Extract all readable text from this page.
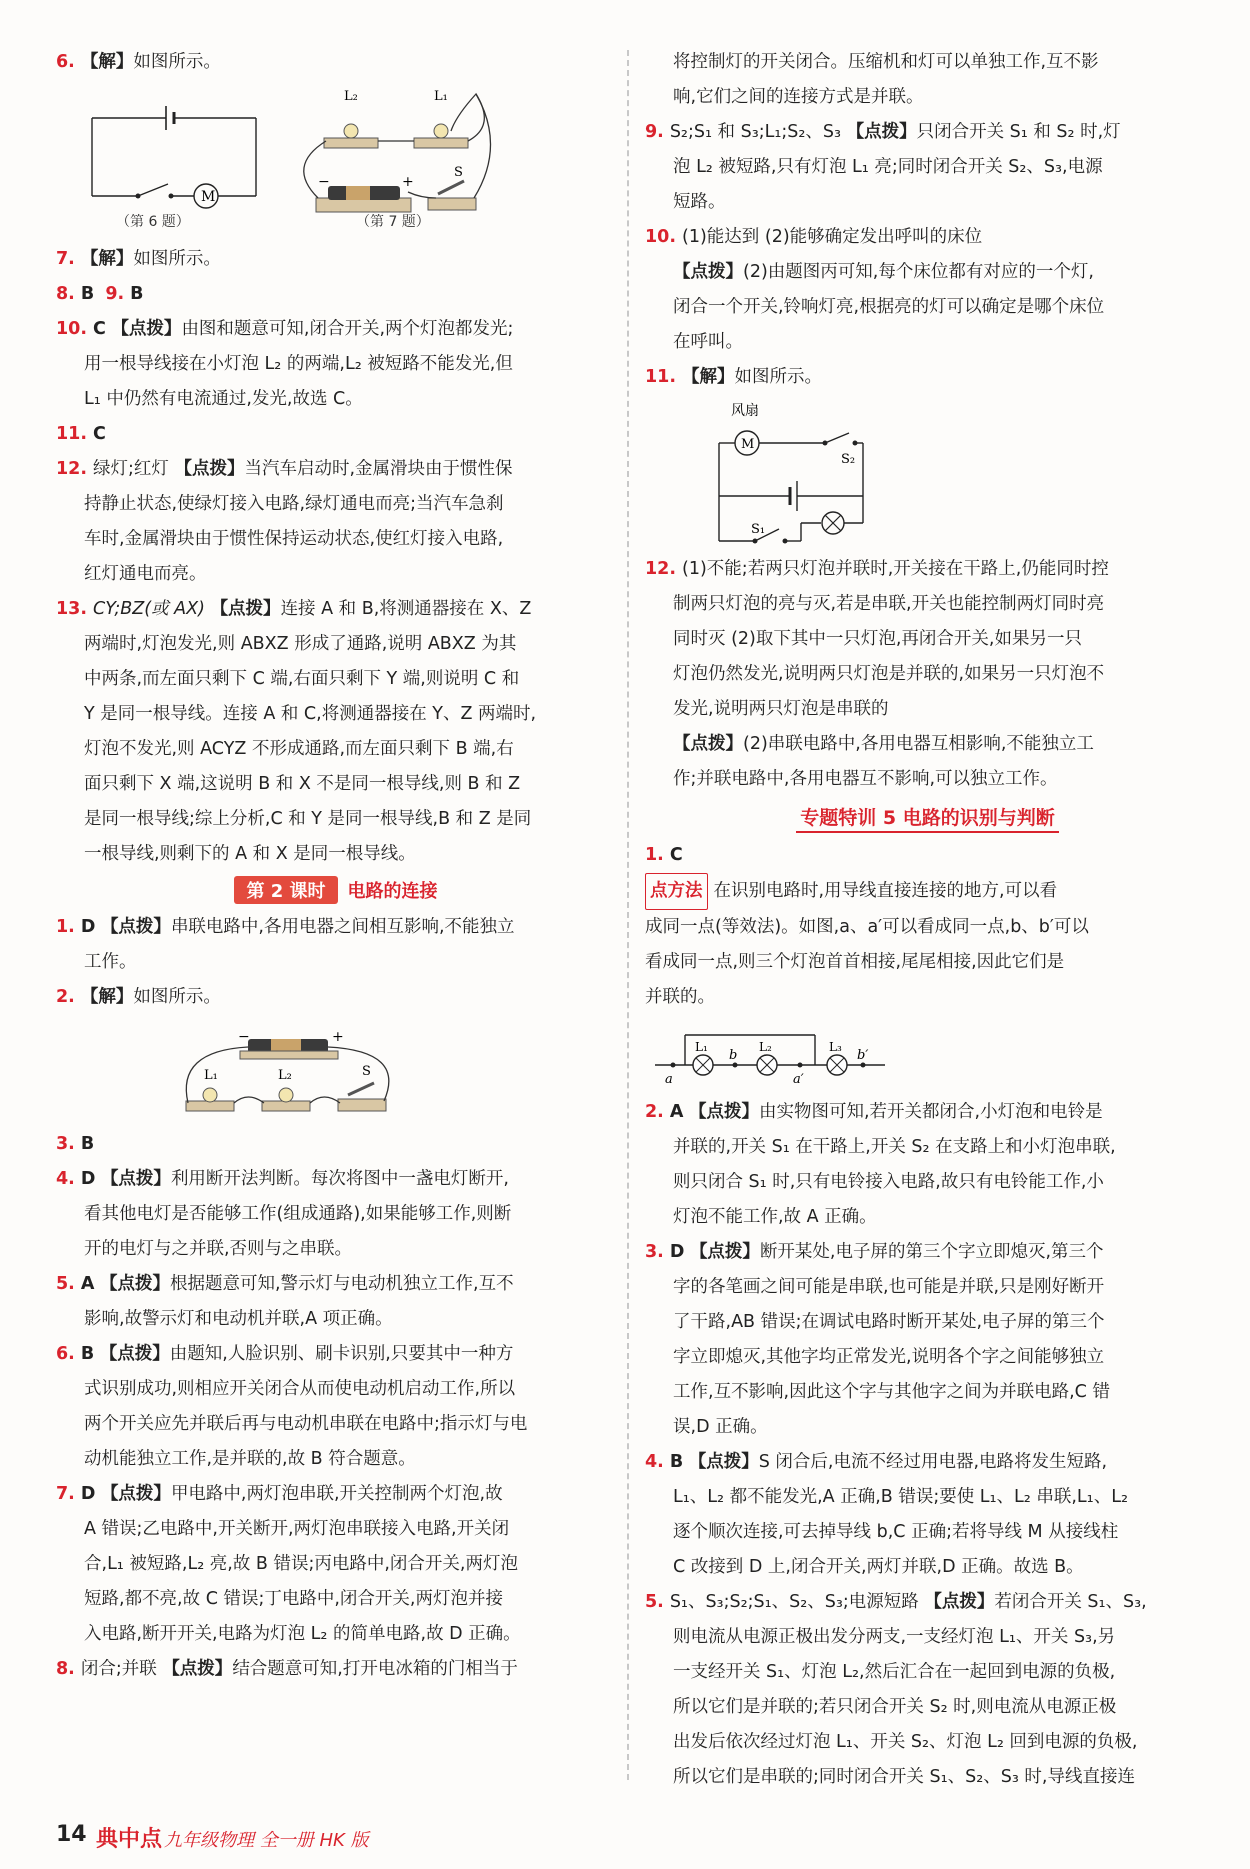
6. 【解】如图所示。

M
L₂	L₁
−	+
S
（第 6 题）	（第 7 题）

7. 【解】如图所示。

8. B 9. B

10. C 【点拨】由图和题意可知,闭合开关,两个灯泡都发光;

用一根导线接在小灯泡 L₂ 的两端,L₂ 被短路不能发光,但

L₁ 中仍然有电流通过,发光,故选 C。

11. C

12. 绿灯;红灯 【点拨】当汽车启动时,金属滑块由于惯性保

持静止状态,使绿灯接入电路,绿灯通电而亮;当汽车急刹

车时,金属滑块由于惯性保持运动状态,使红灯接入电路,

红灯通电而亮。

13. CY;BZ(或 AX) 【点拨】连接 A 和 B,将测通器接在 X、Z

两端时,灯泡发光,则 ABXZ 形成了通路,说明 ABXZ 为其

中两条,而左面只剩下 C 端,右面只剩下 Y 端,则说明 C 和

Y 是同一根导线。连接 A 和 C,将测通器接在 Y、Z 两端时,

灯泡不发光,则 ACYZ 不形成通路,而左面只剩下 B 端,右

面只剩下 X 端,这说明 B 和 X 不是同一根导线,则 B 和 Z

是同一根导线;综上分析,C 和 Y 是同一根导线,B 和 Z 是同

一根导线,则剩下的 A 和 X 是同一根导线。

第 2 课时 电路的连接

1. D 【点拨】串联电路中,各用电器之间相互影响,不能独立

工作。

2. 【解】如图所示。

−	+
L₁	L₂	S

3. B

4. D 【点拨】利用断开法判断。每次将图中一盏电灯断开,

看其他电灯是否能够工作(组成通路),如果能够工作,则断

开的电灯与之并联,否则与之串联。

5. A 【点拨】根据题意可知,警示灯与电动机独立工作,互不

影响,故警示灯和电动机并联,A 项正确。

6. B 【点拨】由题知,人脸识别、刷卡识别,只要其中一种方

式识别成功,则相应开关闭合从而使电动机启动工作,所以

两个开关应先并联后再与电动机串联在电路中;指示灯与电

动机能独立工作,是并联的,故 B 符合题意。

7. D 【点拨】甲电路中,两灯泡串联,开关控制两个灯泡,故

A 错误;乙电路中,开关断开,两灯泡串联接入电路,开关闭

合,L₁ 被短路,L₂ 亮,故 B 错误;丙电路中,闭合开关,两灯泡

短路,都不亮,故 C 错误;丁电路中,闭合开关,两灯泡并接

入电路,断开开关,电路为灯泡 L₂ 的简单电路,故 D 正确。

8. 闭合;并联 【点拨】结合题意可知,打开电冰箱的门相当于

将控制灯的开关闭合。压缩机和灯可以单独工作,互不影

响,它们之间的连接方式是并联。

9. S₂;S₁ 和 S₃;L₁;S₂、S₃ 【点拨】只闭合开关 S₁ 和 S₂ 时,灯

泡 L₂ 被短路,只有灯泡 L₁ 亮;同时闭合开关 S₂、S₃,电源

短路。

10. (1)能达到 (2)能够确定发出呼叫的床位

【点拨】(2)由题图丙可知,每个床位都有对应的一个灯,

闭合一个开关,铃响灯亮,根据亮的灯可以确定是哪个床位

在呼叫。

11. 【解】如图所示。

风扇
M
S₂
S₁

12. (1)不能;若两只灯泡并联时,开关接在干路上,仍能同时控

制两只灯泡的亮与灭,若是串联,开关也能控制两灯同时亮

同时灭 (2)取下其中一只灯泡,再闭合开关,如果另一只

灯泡仍然发光,说明两只灯泡是并联的,如果另一只灯泡不

发光,说明两只灯泡是串联的

【点拨】(2)串联电路中,各用电器互相影响,不能独立工

作;并联电路中,各用电器互不影响,可以独立工作。

专题特训 5 电路的识别与判断

1. C

点方法 在识别电路时,用导线直接连接的地方,可以看

成同一点(等效法)。如图,a、a′可以看成同一点,b、b′可以

看成同一点,则三个灯泡首首相接,尾尾相接,因此它们是

并联的。

L₁	L₂	L₃
a
b
a′
b′

2. A 【点拨】由实物图可知,若开关都闭合,小灯泡和电铃是

并联的,开关 S₁ 在干路上,开关 S₂ 在支路上和小灯泡串联,

则只闭合 S₁ 时,只有电铃接入电路,故只有电铃能工作,小

灯泡不能工作,故 A 正确。

3. D 【点拨】断开某处,电子屏的第三个字立即熄灭,第三个

字的各笔画之间可能是串联,也可能是并联,只是刚好断开

了干路,AB 错误;在调试电路时断开某处,电子屏的第三个

字立即熄灭,其他字均正常发光,说明各个字之间能够独立

工作,互不影响,因此这个字与其他字之间为并联电路,C 错

误,D 正确。

4. B 【点拨】S 闭合后,电流不经过用电器,电路将发生短路,

L₁、L₂ 都不能发光,A 正确,B 错误;要使 L₁、L₂ 串联,L₁、L₂

逐个顺次连接,可去掉导线 b,C 正确;若将导线 M 从接线柱

C 改接到 D 上,闭合开关,两灯并联,D 正确。故选 B。

5. S₁、S₃;S₂;S₁、S₂、S₃;电源短路 【点拨】若闭合开关 S₁、S₃,

则电流从电源正极出发分两支,一支经灯泡 L₁、开关 S₃,另

一支经开关 S₁、灯泡 L₂,然后汇合在一起回到电源的负极,

所以它们是并联的;若只闭合开关 S₂ 时,则电流从电源正极

出发后依次经过灯泡 L₁、开关 S₂、灯泡 L₂ 回到电源的负极,

所以它们是串联的;同时闭合开关 S₁、S₂、S₃ 时,导线直接连

14 典中点 九年级物理 全一册 HK 版
